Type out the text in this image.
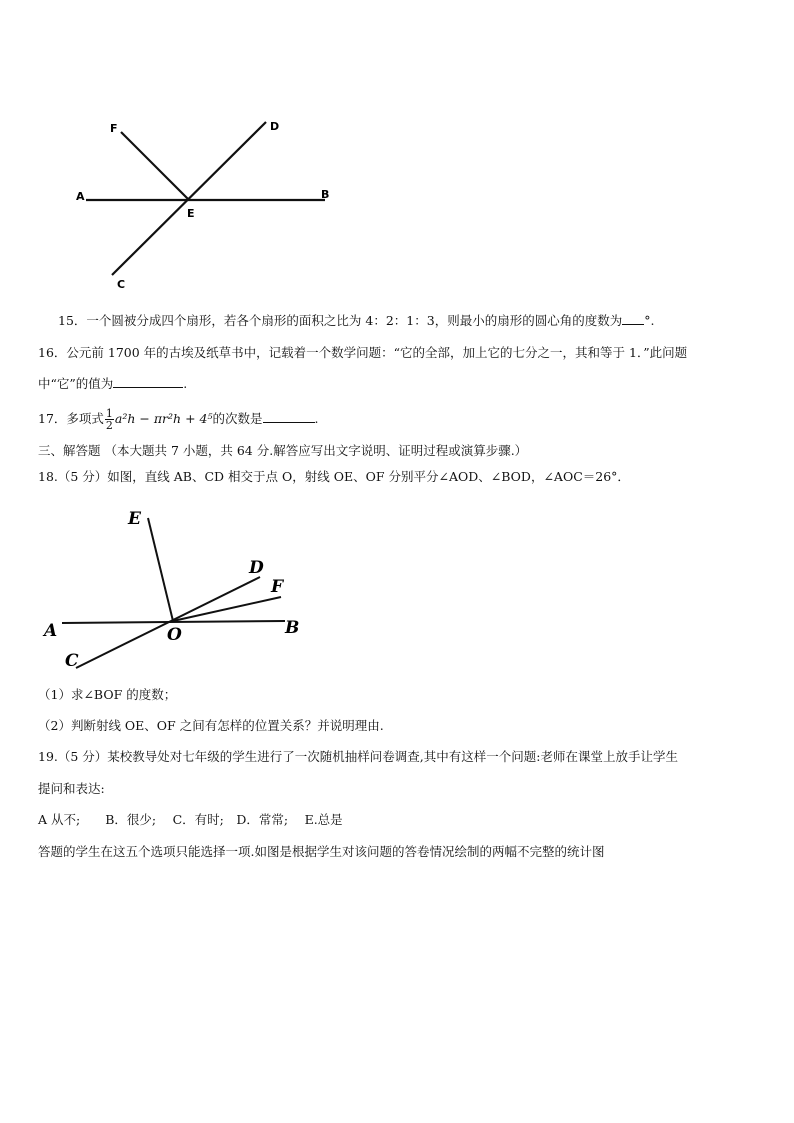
F	D
A
E
B
C
15．一个圆被分成四个扇形，若各个扇形的面积之比为 4：2：1：3，则最小的扇形的圆心角的度数为 °.
16．公元前 1700 年的古埃及纸草书中，记载着一个数学问题：“它的全部，加上它的七分之一，其和等于 1．”此问题
中“它”的值为	.
17．多项式 $\frac{1}{2} a^2h - \pi r^2h + 4^5$的次数是	.
三、解答题 （本大题共 7 小题，共 64 分.解答应写出文字说明、证明过程或演算步骤.）
18.（5 分）如图，直线 AB、CD 相交于点 O，射线 OE、OF 分别平分∠AOD、∠BOD，∠AOC＝26°．
E
D
F
A	O	B
C
（1）求∠BOF 的度数；
（2）判断射线 OE、OF 之间有怎样的位置关系？并说明理由.
19.（5 分）某校教导处对七年级的学生进行了一次随机抽样问卷调查,其中有这样一个问题:老师在课堂上放手让学生
提问和表达:
A 从不;　　B．很少;　 C．有时;　D．常常;　 E.总是
答题的学生在这五个选项只能选择一项.如图是根据学生对该问题的答卷情况绘制的两幅不完整的统计图
